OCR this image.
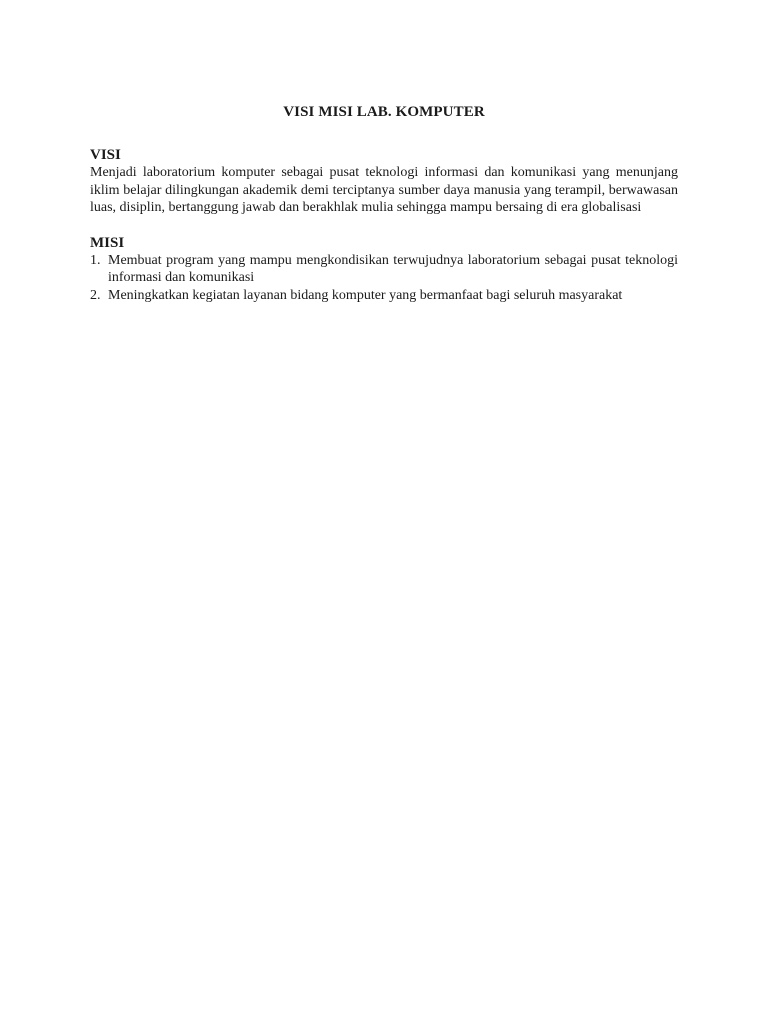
VISI MISI LAB. KOMPUTER
VISI

Menjadi laboratorium komputer sebagai pusat teknologi informasi dan komunikasi yang menunjang iklim belajar dilingkungan akademik demi terciptanya sumber daya manusia yang terampil, berwawasan luas, disiplin, bertanggung jawab dan berakhlak mulia sehingga mampu bersaing di era globalisasi

MISI
1. Membuat program yang mampu mengkondisikan terwujudnya laboratorium sebagai pusat teknologi informasi dan komunikasi
2. Meningkatkan kegiatan layanan bidang komputer yang bermanfaat bagi seluruh masyarakat
